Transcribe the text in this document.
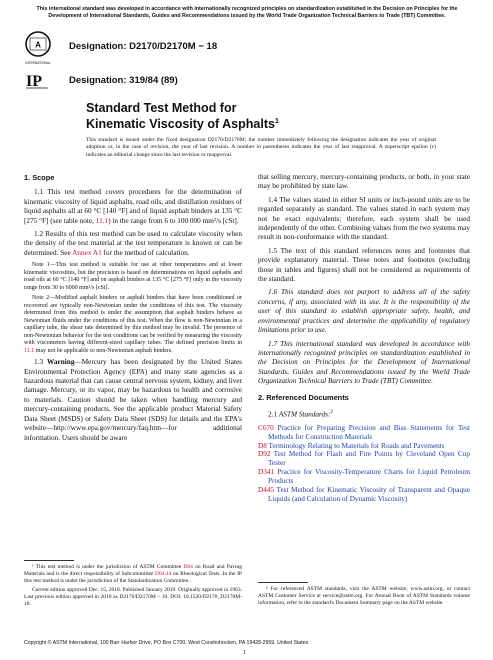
This international standard was developed in accordance with internationally recognized principles on standardization established in the Decision on Principles for the Development of International Standards, Guides and Recommendations issued by the World Trade Organization Technical Barriers to Trade (TBT) Committee.
A
INTERNATIONAL
IP
Designation: D2170/D2170M − 18
Designation: 319/84 (89)
Standard Test Method for
Kinematic Viscosity of Asphalts$^1$
This standard is issued under the fixed designation D2170/D2170M; the number immediately following the designation indicates the year of original adoption or, in the case of revision, the year of last revision. A number in parentheses indicates the year of last reapproval. A superscript epsilon (ε) indicates an editorial change since the last revision or reapproval.
1. Scope

1.1 This test method covers procedures for the determination of kinematic viscosity of liquid asphalts, road oils, and distillation residues of liquid asphalts all at 60 °C [140 °F] and of liquid asphalt binders at 135 °C [275 °F] (see table note, 11.1) in the range from 6 to 100 000 mm²/s [cSt].

1.2 Results of this test method can be used to calculate viscosity when the density of the test material at the test temperature is known or can be determined. See Annex A1 for the method of calculation.

Note 1—This test method is suitable for use at other temperatures and at lower kinematic viscosities, but the precision is based on determinations on liquid asphalts and road oils at 60 °C [140 °F] and on asphalt binders at 135 °C [275 °F] only in the viscosity range from 30 to 6000 mm²/s [cSt].

Note 2—Modified asphalt binders or asphalt binders that have been conditioned or recovered are typically non-Newtonian under the conditions of this test. The viscosity determined from this method is under the assumption that asphalt binders behave as Newtonian fluids under the conditions of this test. When the flow is non-Newtonian in a capillary tube, the shear rate determined by this method may be invalid. The presence of non-Newtonian behavior for the test conditions can be verified by measuring the viscosity with viscometers having different-sized capillary tubes. The defined precision limits in 11.1 may not be applicable to non-Newtonian asphalt binders.

1.3 Warning—Mercury has been designated by the United States Environmental Protection Agency (EPA) and many state agencies as a hazardous material that can cause central nervous system, kidney, and liver damage. Mercury, or its vapor, may be hazardous to health and corrosive to materials. Caution should be taken when handling mercury and mercury-containing products. See the applicable product Material Safety Data Sheet (MSDS) or Safety Data Sheet (SDS) for details and the EPA's website—http://www.epa.gov/mercury/faq.htm—for additional information. Users should be aware

¹ This test method is under the jurisdiction of ASTM Committee D04 on Road and Paving Materials and is the direct responsibility of Subcommittee D04.44 on Rheological Tests. In the IP this test method is under the jurisdiction of the Standardization Committee..
Current edition approved Dec. 15, 2018. Published January 2019. Originally approved in 1963. Last previous edition approved in 2010 as D2170/D2170M – 10. DOI: 10.1520/D2170_D2170M-18.

that selling mercury, mercury-containing products, or both, in your state may be prohibited by state law.

1.4 The values stated in either SI units or inch-pound units are to be regarded separately as standard. The values stated in each system may not be exact equivalents; therefore, each system shall be used independently of the other. Combining values from the two systems may result in non-conformance with the standard.

1.5 The text of this standard references notes and footnotes that provide explanatory material. These notes and footnotes (excluding those in tables and figures) shall not be considered as requirements of the standard.

1.6 This standard does not purport to address all of the safety concerns, if any, associated with its use. It is the responsibility of the user of this standard to establish appropriate safety, health, and environmental practices and determine the applicability of regulatory limitations prior to use.

1.7 This international standard was developed in accordance with internationally recognized principles on standardization established in the Decision on Principles for the Development of International Standards, Guides and Recommendations issued by the World Trade Organization Technical Barriers to Trade (TBT) Committee.

2. Referenced Documents

2.1 ASTM Standards:$^2$

C670 Practice for Preparing Precision and Bias Statements for Test Methods for Construction Materials
D8 Terminology Relating to Materials for Roads and Pavements
D92 Test Method for Flash and Fire Points by Cleveland Open Cup Tester
D341 Practice for Viscosity-Temperature Charts for Liquid Petroleum Products
D445 Test Method for Kinematic Viscosity of Transparent and Opaque Liquids (and Calculation of Dynamic Viscosity)
² For referenced ASTM standards, visit the ASTM website, www.astm.org, or contact ASTM Customer Service at service@astm.org. For Annual Book of ASTM Standards volume information, refer to the standard's Document Summary page on the ASTM website.
Copyright © ASTM International, 100 Barr Harbor Drive, PO Box C700, West Conshohocken, PA 19428-2959. United States
1
